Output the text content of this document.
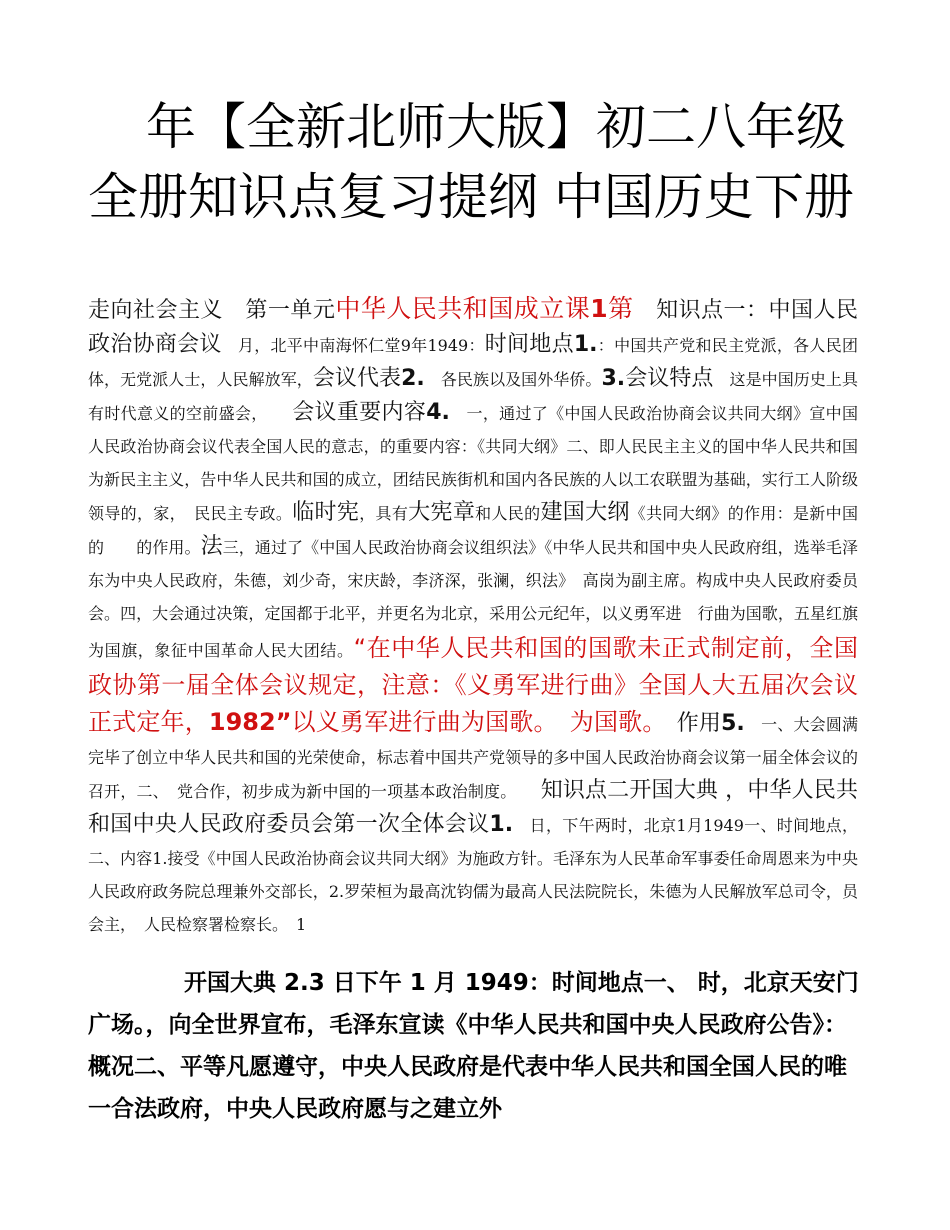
年【全新北师大版】初二八年级　全册知识点复习提纲 中国历史下册
走向社会主义　第一单元中华人民共和国成立课1第　知识点一：中国人民政治协商会议　月，北平中南海怀仁堂9年1949：时间地点1.：中国共产党和民主党派，各人民团体，无党派人士，人民解放军，会议代表2.　各民族以及国外华侨。3.会议特点　这是中国历史上具有时代意义的空前盛会，　　会议重要内容4.　一，通过了《中国人民政治协商会议共同大纲》宣中国人民政治协商会议代表全国人民的意志，的重要内容：《共同大纲》二、即人民民主主义的国中华人民共和国为新民主主义，告中华人民共和国的成立，团结民族街机和国内各民族的人以工农联盟为基础，实行工人阶级领导的，家，　民民主专政。临时宪，具有大宪章和人民的建国大纲《共同大纲》的作用：是新中国的　　的作用。法三，通过了《中国人民政治协商会议组织法》《中华人民共和国中央人民政府组，选举毛泽东为中央人民政府，朱德，刘少奇，宋庆龄，李济深，张澜，织法》　高岗为副主席。构成中央人民政府委员会。四，大会通过决策，定国都于北平，并更名为北京，采用公元纪年，以义勇军进　行曲为国歌，五星红旗为国旗，象征中国革命人民大团结。“在中华人民共和国的国歌未正式制定前，全国政协第一届全体会议规定，注意：《义勇军进行曲》全国人大五届次会议正式定年，1982”以义勇军进行曲为国歌。　为国歌。　作用5.　一、大会圆满完毕了创立中华人民共和国的光荣使命，标志着中国共产党领导的多中国人民政治协商会议第一届全体会议的召开，二、　党合作，初步成为新中国的一项基本政治制度。　　知识点二开国大典 ，中华人民共和国中央人民政府委员会第一次全体会议1.　日，下午两时，北京1月1949一、时间地点，二、内容1.接受《中国人民政治协商会议共同大纲》为施政方针。毛泽东为人民革命军事委任命周恩来为中央人民政府政务院总理兼外交部长，2.罗荣桓为最高沈钧儒为最高人民法院院长，朱德为人民解放军总司令，员会主，　人民检察署检察长。　1
开国大典 2.3 日下午 1 月 1949：时间地点一、 时，北京天安门广场。，向全世界宣布，毛泽东宣读《中华人民共和国中央人民政府公告》：概况二、平等凡愿遵守，中央人民政府是代表中华人民共和国全国人民的唯一合法政府，中央人民政府愿与之建立外
